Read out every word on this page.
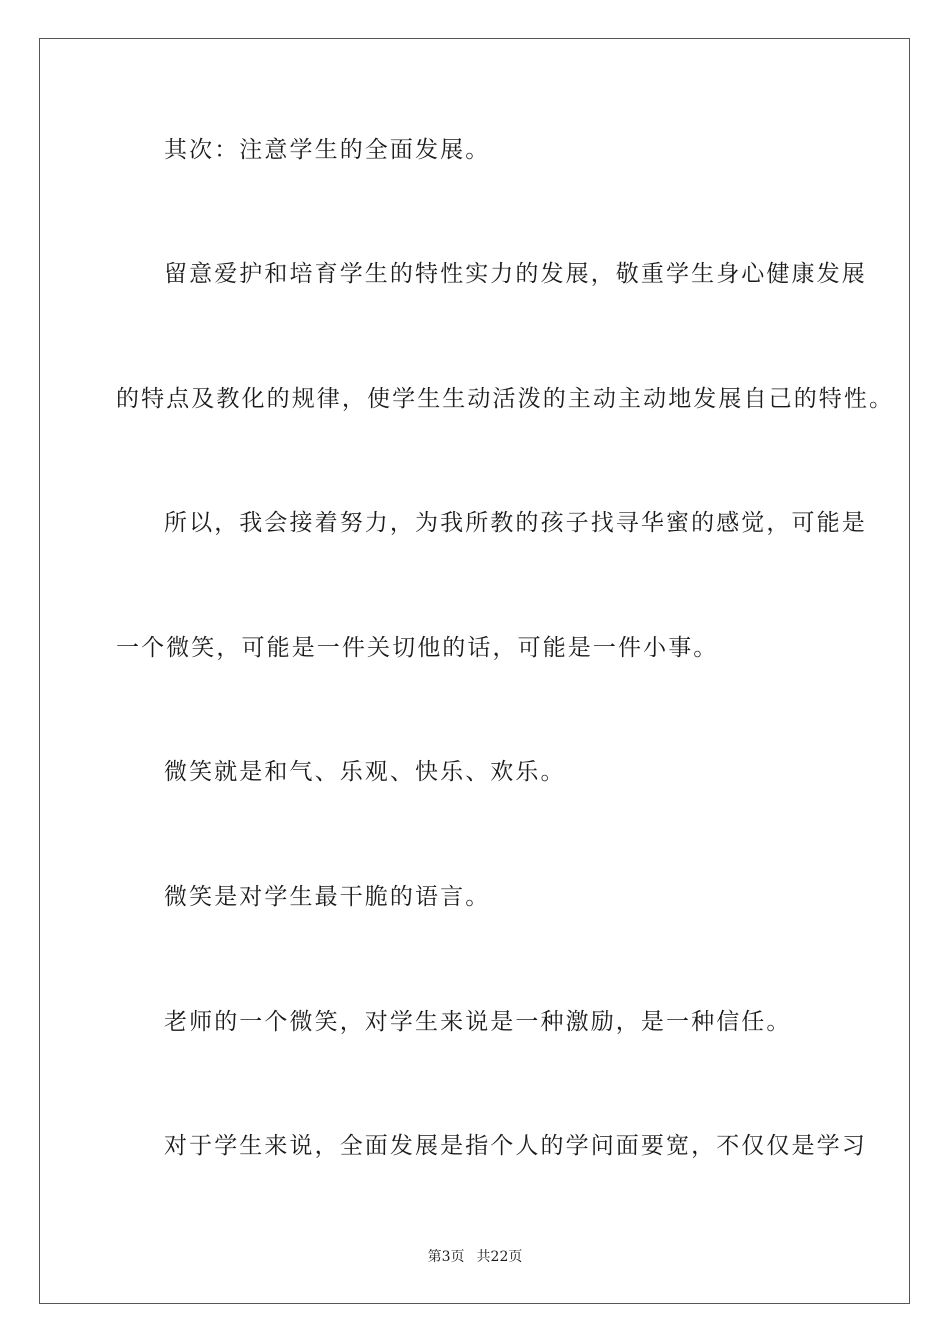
其次：注意学生的全面发展。
留意爱护和培育学生的特性实力的发展，敬重学生身心健康发展
的特点及教化的规律，使学生生动活泼的主动主动地发展自己的特性。
所以，我会接着努力，为我所教的孩子找寻华蜜的感觉，可能是
一个微笑，可能是一件关切他的话，可能是一件小事。
微笑就是和气、乐观、快乐、欢乐。
微笑是对学生最干脆的语言。
老师的一个微笑，对学生来说是一种激励，是一种信任。
对于学生来说，全面发展是指个人的学问面要宽，不仅仅是学习
第3页 共22页
